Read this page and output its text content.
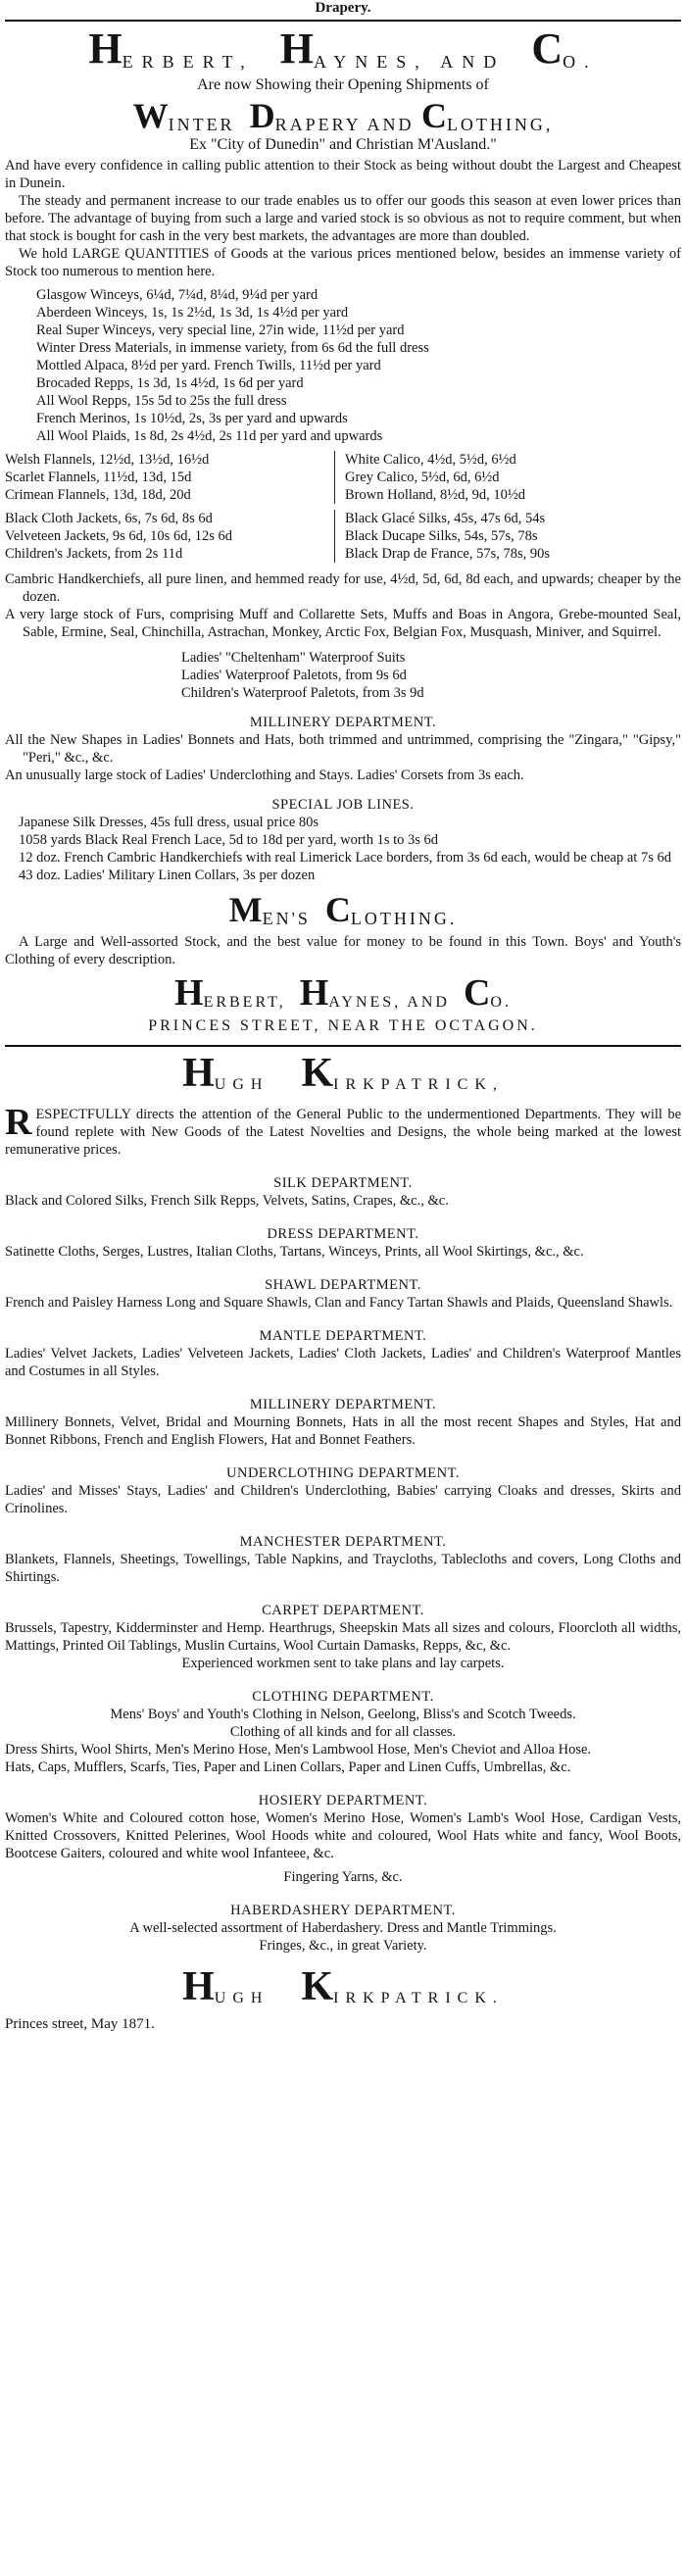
Drapery.
H ERBERT,
H AYNES, AND
C O.
Are now Showing their Opening Shipments of
W INTER
D RAPERY AND
C LOTHING,
Ex "City of Dunedin" and Christian M'Ausland."

And have every confidence in calling public attention to their Stock as being without doubt the Largest and Cheapest in Dunein.

The steady and permanent increase to our trade enables us to offer our goods this season at even lower prices than before. The advantage of buying from such a large and varied stock is so obvious as not to require comment, but when that stock is bought for cash in the very best markets, the advantages are more than doubled.

We hold LARGE QUANTITIES of Goods at the various prices mentioned below, besides an immense variety of Stock too numerous to mention here.

Glasgow Winceys, 6¼d, 7¼d, 8¼d, 9¼d per yard
Aberdeen Winceys, 1s, 1s 2½d, 1s 3d, 1s 4½d per yard
Real Super Winceys, very special line, 27in wide, 11½d per yard
Winter Dress Materials, in immense variety, from 6s 6d the full dress
Mottled Alpaca, 8½d per yard. French Twills, 11½d per yard
Brocaded Repps, 1s 3d, 1s 4½d, 1s 6d per yard
All Wool Repps, 15s 5d to 25s the full dress
French Merinos, 1s 10½d, 2s, 3s per yard and upwards
All Wool Plaids, 1s 8d, 2s 4½d, 2s 11d per yard and upwards
Welsh Flannels, 12½d, 13½d, 16½d
Scarlet Flannels, 11½d, 13d, 15d
Crimean Flannels, 13d, 18d, 20d
White Calico, 4½d, 5½d, 6½d
Grey Calico, 5½d, 6d, 6½d
Brown Holland, 8½d, 9d, 10½d
Black Cloth Jackets, 6s, 7s 6d, 8s 6d
Velveteen Jackets, 9s 6d, 10s 6d, 12s 6d
Children's Jackets, from 2s 11d
Black Glacé Silks, 45s, 47s 6d, 54s
Black Ducape Silks, 54s, 57s, 78s
Black Drap de France, 57s, 78s, 90s
Cambric Handkerchiefs, all pure linen, and hemmed ready for use, 4½d, 5d, 6d, 8d each, and upwards; cheaper by the dozen.
A very large stock of Furs, comprising Muff and Collarette Sets, Muffs and Boas in Angora, Grebe-mounted Seal, Sable, Ermine, Seal, Chinchilla, Astrachan, Monkey, Arctic Fox, Belgian Fox, Musquash, Miniver, and Squirrel.
Ladies' "Cheltenham" Waterproof Suits
Ladies' Waterproof Paletots, from 9s 6d
Children's Waterproof Paletots, from 3s 9d
MILLINERY DEPARTMENT.
All the New Shapes in Ladies' Bonnets and Hats, both trimmed and untrimmed, comprising the "Zingara," "Gipsy," "Peri," &c., &c.
An unusually large stock of Ladies' Underclothing and Stays. Ladies' Corsets from 3s each.
SPECIAL JOB LINES.
Japanese Silk Dresses, 45s full dress, usual price 80s
1058 yards Black Real French Lace, 5d to 18d per yard, worth 1s to 3s 6d
12 doz. French Cambric Handkerchiefs with real Limerick Lace borders, from 3s 6d each, would be cheap at 7s 6d
43 doz. Ladies' Military Linen Collars, 3s per dozen
M EN'S
C LOTHING.

A Large and Well-assorted Stock, and the best value for money to be found in this Town. Boys' and Youth's Clothing of every description.

H ERBERT,
H AYNES, AND
C O.
PRINCES STREET, NEAR THE OCTAGON.
H UGH
K IRKPATRICK,
RESPECTFULLY directs the attention of the General Public to the undermentioned Departments. They will be found replete with New Goods of the Latest Novelties and Designs, the whole being marked at the lowest remunerative prices.
SILK DEPARTMENT.
Black and Colored Silks, French Silk Repps, Velvets, Satins, Crapes, &c., &c.
DRESS DEPARTMENT.
Satinette Cloths, Serges, Lustres, Italian Cloths, Tartans, Winceys, Prints, all Wool Skirtings, &c., &c.
SHAWL DEPARTMENT.
French and Paisley Harness Long and Square Shawls, Clan and Fancy Tartan Shawls and Plaids, Queensland Shawls.
MANTLE DEPARTMENT.
Ladies' Velvet Jackets, Ladies' Velveteen Jackets, Ladies' Cloth Jackets, Ladies' and Children's Waterproof Mantles and Costumes in all Styles.
MILLINERY DEPARTMENT.
Millinery Bonnets, Velvet, Bridal and Mourning Bonnets, Hats in all the most recent Shapes and Styles, Hat and Bonnet Ribbons, French and English Flowers, Hat and Bonnet Feathers.
UNDERCLOTHING DEPARTMENT.
Ladies' and Misses' Stays, Ladies' and Children's Underclothing, Babies' carrying Cloaks and dresses, Skirts and Crinolines.
MANCHESTER DEPARTMENT.
Blankets, Flannels, Sheetings, Towellings, Table Napkins, and Traycloths, Tablecloths and covers, Long Cloths and Shirtings.
CARPET DEPARTMENT.
Brussels, Tapestry, Kidderminster and Hemp. Hearthrugs, Sheepskin Mats all sizes and colours, Floorcloth all widths, Mattings, Printed Oil Tablings, Muslin Curtains, Wool Curtain Damasks, Repps, &c, &c.
Experienced workmen sent to take plans and lay carpets.
CLOTHING DEPARTMENT.
Mens' Boys' and Youth's Clothing in Nelson, Geelong, Bliss's and Scotch Tweeds.
Clothing of all kinds and for all classes.
Dress Shirts, Wool Shirts, Men's Merino Hose, Men's Lambwool Hose, Men's Cheviot and Alloa Hose.
Hats, Caps, Mufflers, Scarfs, Ties, Paper and Linen Collars, Paper and Linen Cuffs, Umbrellas, &c.
HOSIERY DEPARTMENT.
Women's White and Coloured cotton hose, Women's Merino Hose, Women's Lamb's Wool Hose, Cardigan Vests, Knitted Crossovers, Knitted Pelerines, Wool Hoods white and coloured, Wool Hats white and fancy, Wool Boots, Bootcese Gaiters, coloured and white wool Infanteee, &c.
Fingering Yarns, &c.
HABERDASHERY DEPARTMENT.
A well-selected assortment of Haberdashery. Dress and Mantle Trimmings.
Fringes, &c., in great Variety.
H UGH
K IRKPATRICK.
Princes street, May 1871.
